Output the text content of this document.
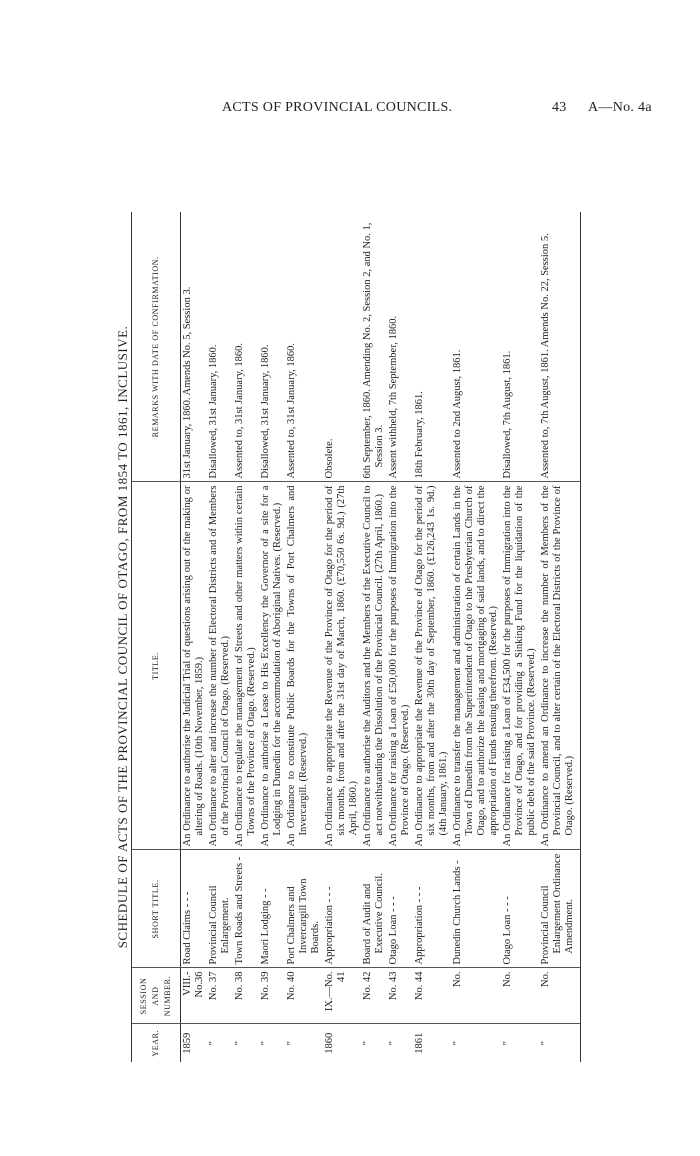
ACTS OF PROVINCIAL COUNCILS.	43 A—No. 4a
SCHEDULE OF ACTS OF THE PROVINCIAL COUNCIL OF OTAGO, FROM 1854 TO 1861, INCLUSIVE.
YEAR.	SESSION AND NUMBER.	SHORT TITLE.	TITLE.	REMARKS WITH DATE OF CONFIRMATION.
1859	VIII.-No.36	Road Claims - - -	An Ordinance to authorise the Judicial Trial of questions arising out of the making or altering of Roads. (10th November, 1859.)	31st January, 1860. Amends No. 5, Session 3.
"	No. 37	Provincial Council Enlargement.	An Ordinance to alter and increase the number of Electoral Districts and of Members of the Provincial Council of Otago. (Reserved.)	Disallowed, 31st January, 1860.
"	No. 38	Town Roads and Streets -	An Ordinance to regulate the management of Streets and other matters within certain Towns of the Province of Otago. (Reserved.)	Assented to, 31st January, 1860.
"	No. 39	Maori Lodging - -	An Ordinance to authorise a Lease to His Excellency the Governor of a site for a Lodging in Dunedin for the accommodation of Aboriginal Natives. (Reserved.)	Disallowed, 31st January, 1860.
"	No. 40	Port Chalmers and Invercargill Town Boards.	An Ordinance to constitute Public Boards for the Towns of Port Chalmers and Invercargill. (Reserved.)	Assented to, 31st January, 1860.
1860	IX.—No. 41	Appropriation - - -	An Ordinance to appropriate the Revenue of the Province of Otago for the period of six months, from and after the 31st day of March, 1860. (£70,550 6s. 9d.) (27th April, 1860.)	Obsolete.
"	No. 42	Board of Audit and Executive Council.	An Ordinance to authorise the Auditors and the Members of the Executive Council to act notwithstanding the Dissolution of the Provincial Council. (27th April, 1860.)	6th September, 1860. Amending No. 2, Session 2, and No. 1, Session 3.
"	No. 43	Otago Loan - - -	An Ordinance for raising a Loan of £50,000 for the purposes of Immigration into the Province of Otago. (Reserved.)	Assent withheld, 7th September, 1860.
1861	No. 44	Appropriation - - -	An Ordinance to appropriate the Revenue of the Province of Otago for the period of six months, from and after the 30th day of September, 1860. (£126,243 1s. 9d.) (4th January, 1861.)	18th February, 1861.
"	No.	Dunedin Church Lands -	An Ordinance to transfer the management and administration of certain Lands in the Town of Dunedin from the Superintendent of Otago to the Presbyterian Church of Otago, and to authorize the leasing and mortgaging of said lands, and to direct the appropriation of Funds ensuing therefrom. (Reserved.)	Assented to 2nd August, 1861.
"	No.	Otago Loan - - -	An Ordinance for raising a Loan of £34,500 for the purposes of Immigration into the Province of Otago, and for providing a Sinking Fund for the liquidation of the public debt of the said Province. (Reserved.)	Disallowed, 7th August, 1861.
"	No.	Provincial Council Enlargement Ordinance Amendment.	An Ordinance to amend an Ordinance to increase the number of Members of the Provincial Council, and to alter certain of the Electoral Districts of the Province of Otago. (Reserved.)	Assented to, 7th August, 1861. Amends No. 22, Session 5.
